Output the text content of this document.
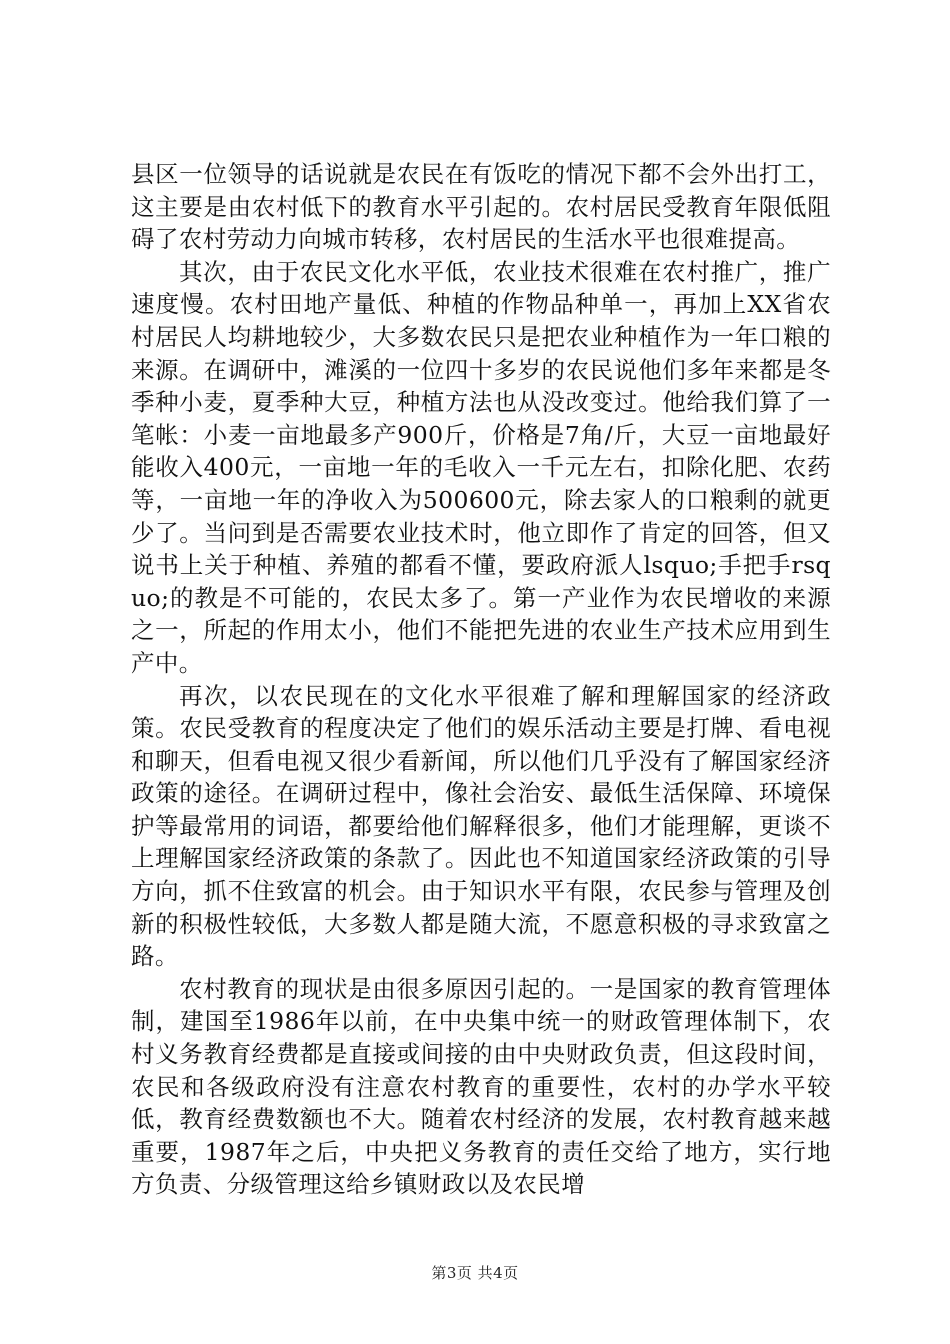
县区一位领导的话说就是农民在有饭吃的情况下都不会外出打工，这主要是由农村低下的教育水平引起的。农村居民受教育年限低阻碍了农村劳动力向城市转移，农村居民的生活水平也很难提高。

其次，由于农民文化水平低，农业技术很难在农村推广，推广速度慢。农村田地产量低、种植的作物品种单一，再加上XX省农村居民人均耕地较少，大多数农民只是把农业种植作为一年口粮的来源。在调研中，滩溪的一位四十多岁的农民说他们多年来都是冬季种小麦，夏季种大豆，种植方法也从没改变过。他给我们算了一笔帐：小麦一亩地最多产900斤，价格是7角/斤，大豆一亩地最好能收入400元，一亩地一年的毛收入一千元左右，扣除化肥、农药等，一亩地一年的净收入为500600元，除去家人的口粮剩的就更少了。当问到是否需要农业技术时，他立即作了肯定的回答，但又说书上关于种植、养殖的都看不懂，要政府派人lsquo;手把手rsquo;的教是不可能的，农民太多了。第一产业作为农民增收的来源之一，所起的作用太小，他们不能把先进的农业生产技术应用到生产中。

再次，以农民现在的文化水平很难了解和理解国家的经济政策。农民受教育的程度决定了他们的娱乐活动主要是打牌、看电视和聊天，但看电视又很少看新闻，所以他们几乎没有了解国家经济政策的途径。在调研过程中，像社会治安、最低生活保障、环境保护等最常用的词语，都要给他们解释很多，他们才能理解，更谈不上理解国家经济政策的条款了。因此也不知道国家经济政策的引导方向，抓不住致富的机会。由于知识水平有限，农民参与管理及创新的积极性较低，大多数人都是随大流，不愿意积极的寻求致富之路。

农村教育的现状是由很多原因引起的。一是国家的教育管理体制，建国至1986年以前，在中央集中统一的财政管理体制下，农村义务教育经费都是直接或间接的由中央财政负责，但这段时间，农民和各级政府没有注意农村教育的重要性，农村的办学水平较低，教育经费数额也不大。随着农村经济的发展，农村教育越来越重要，1987年之后，中央把义务教育的责任交给了地方，实行地方负责、分级管理这给乡镇财政以及农民增

第3页 共4页
